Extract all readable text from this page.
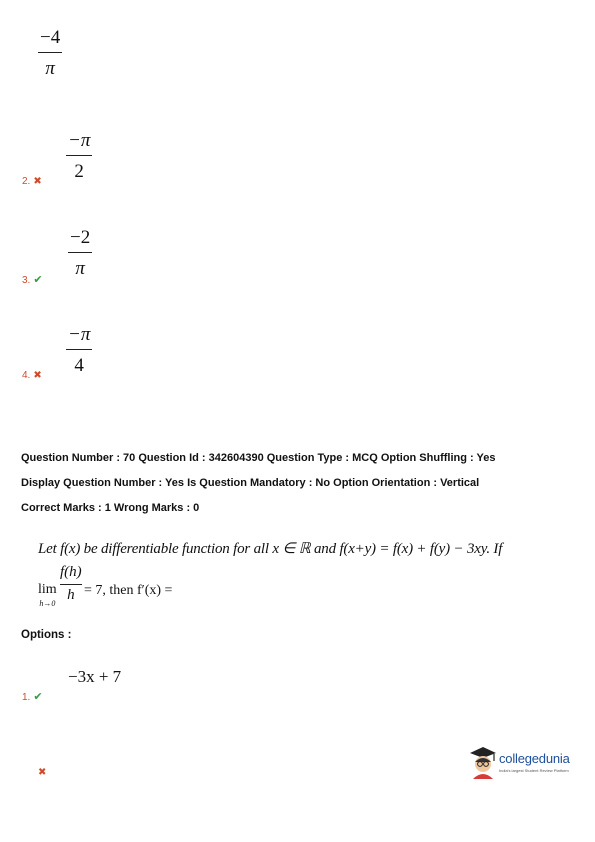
−4
π
−π
2
2. ✖
−2
π
3. ✔
−π
4
4. ✖
Question Number : 70 Question Id : 342604390 Question Type : MCQ Option Shuffling : Yes
Display Question Number : Yes Is Question Mandatory : No Option Orientation : Vertical
Correct Marks : 1 Wrong Marks : 0
Let f(x) be differentiable function for all x ∈ ℝ and f(x+y) = f(x) + f(y) − 3xy. If
lim
h→0
f(h)
h = 7, then f′(x) =
Options :
−3x + 7
1. ✔
✖
collegedunia
India's largest Student Review Platform
